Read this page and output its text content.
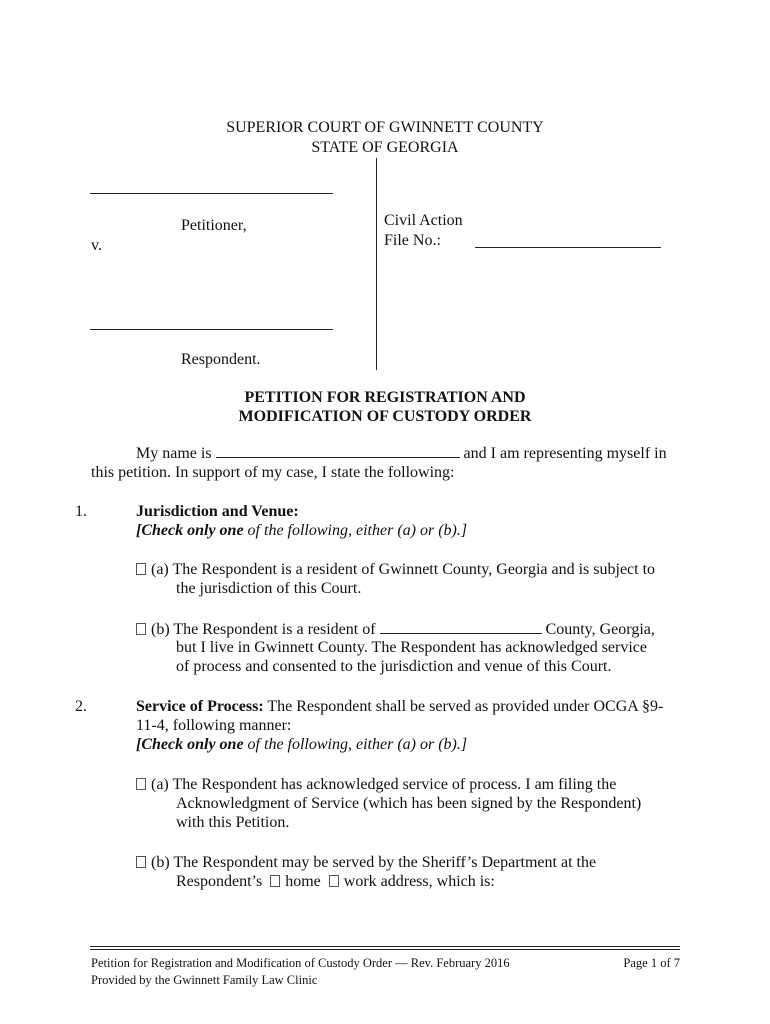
SUPERIOR COURT OF GWINNETT COUNTY
STATE OF GEORGIA
Petitioner,
v.
Respondent.
Civil Action
File No.:
PETITION FOR REGISTRATION AND
MODIFICATION OF CUSTODY ORDER
My name is	and I am representing myself in
this petition. In support of my case, I state the following:
1.	Jurisdiction and Venue:
[Check only one of the following, either (a) or (b).]
(a) The Respondent is a resident of Gwinnett County, Georgia and is subject to
the jurisdiction of this Court.
(b) The Respondent is a resident of	County, Georgia,
but I live in Gwinnett County. The Respondent has acknowledged service
of process and consented to the jurisdiction and venue of this Court.
2.	Service of Process: The Respondent shall be served as provided under OCGA §9-
11-4, following manner:
[Check only one of the following, either (a) or (b).]
(a) The Respondent has acknowledged service of process. I am filing the
Acknowledgment of Service (which has been signed by the Respondent)
with this Petition.
(b) The Respondent may be served by the Sheriff’s Department at the
Respondent’s home work address, which is:
Petition for Registration and Modification of Custody Order — Rev. February 2016	Page 1 of 7
Provided by the Gwinnett Family Law Clinic
